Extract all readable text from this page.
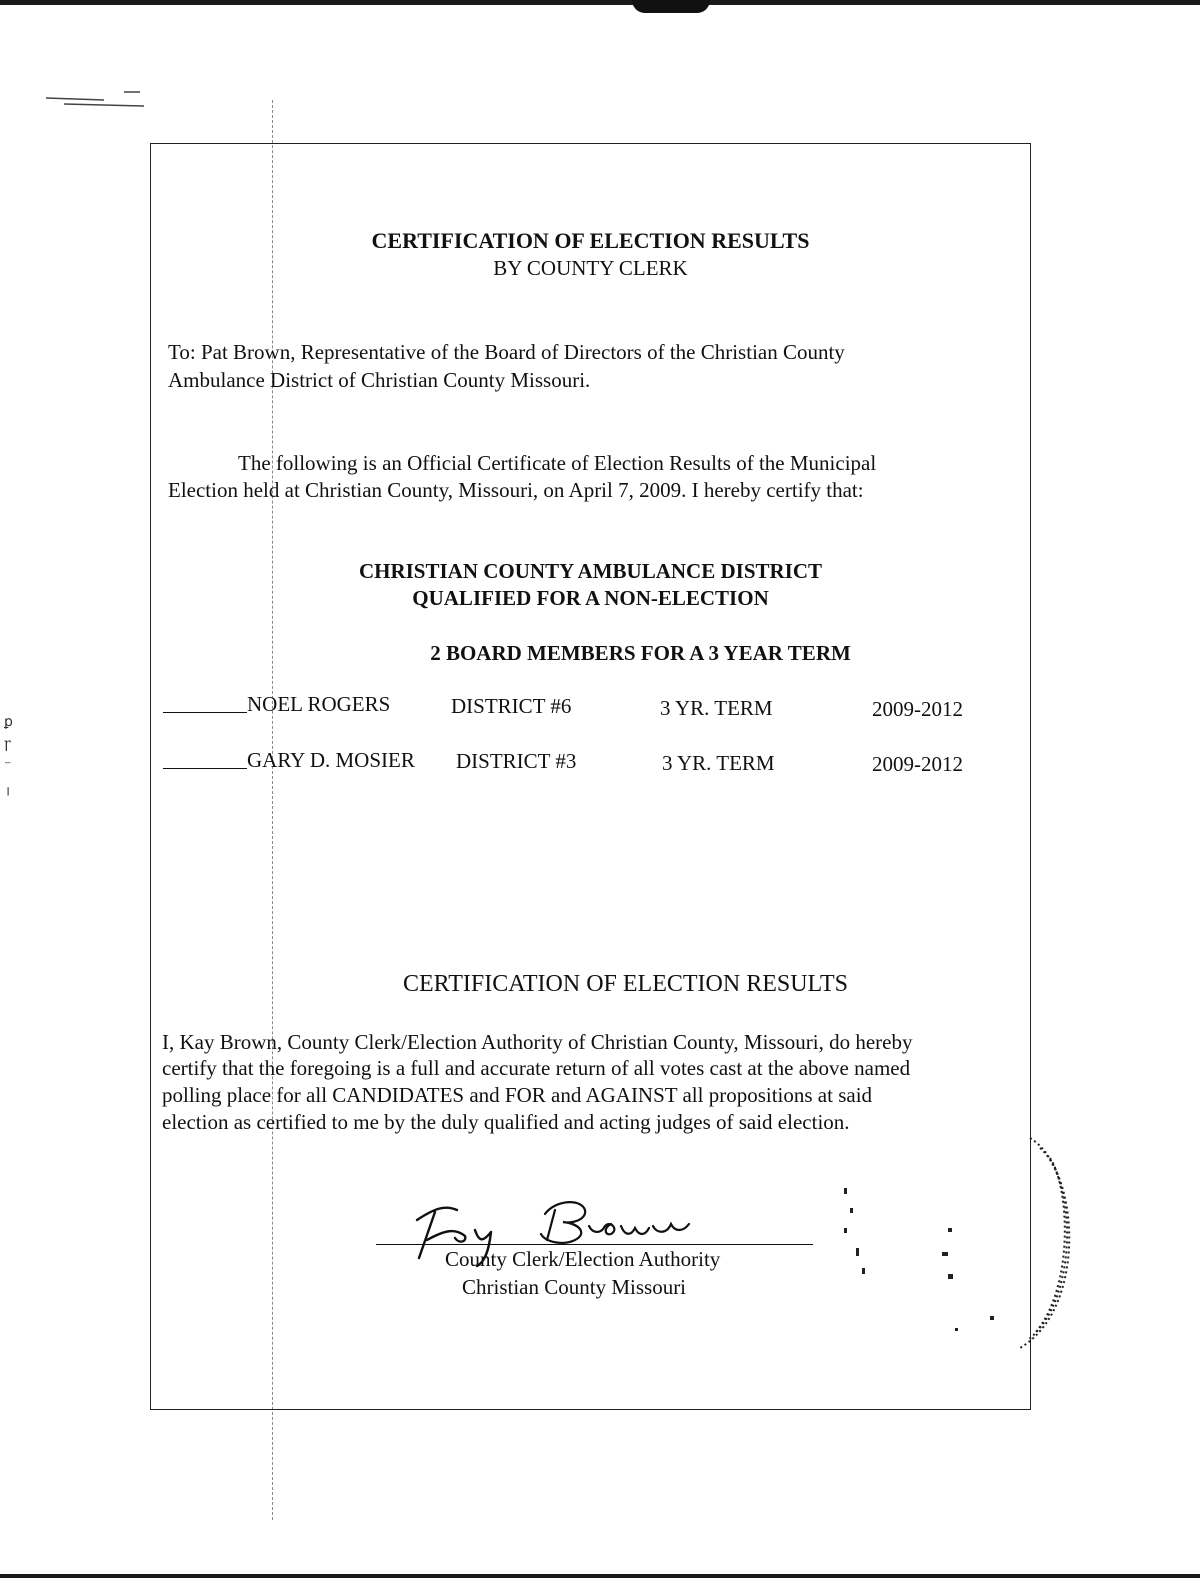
ꝑ
ꞅ
⁻
╷
CERTIFICATION OF ELECTION RESULTS
BY COUNTY CLERK
To: Pat Brown, Representative of the Board of Directors of the Christian County
Ambulance District of Christian County Missouri.
The following is an Official Certificate of Election Results of the Municipal
Election held at Christian County, Missouri, on April 7, 2009. I hereby certify that:
CHRISTIAN COUNTY AMBULANCE DISTRICT
QUALIFIED FOR A NON-ELECTION
2 BOARD MEMBERS FOR A 3 YEAR TERM
NOEL ROGERS	DISTRICT #6	3 YR. TERM	2009-2012
GARY D. MOSIER DISTRICT #3	3 YR. TERM	2009-2012
CERTIFICATION OF ELECTION RESULTS
I, Kay Brown, County Clerk/Election Authority of Christian County, Missouri, do hereby
certify that the foregoing is a full and accurate return of all votes cast at the above named
polling place for all CANDIDATES and FOR and AGAINST all propositions at said
election as certified to me by the duly qualified and acting judges of said election.
County Clerk/Election Authority
Christian County Missouri
